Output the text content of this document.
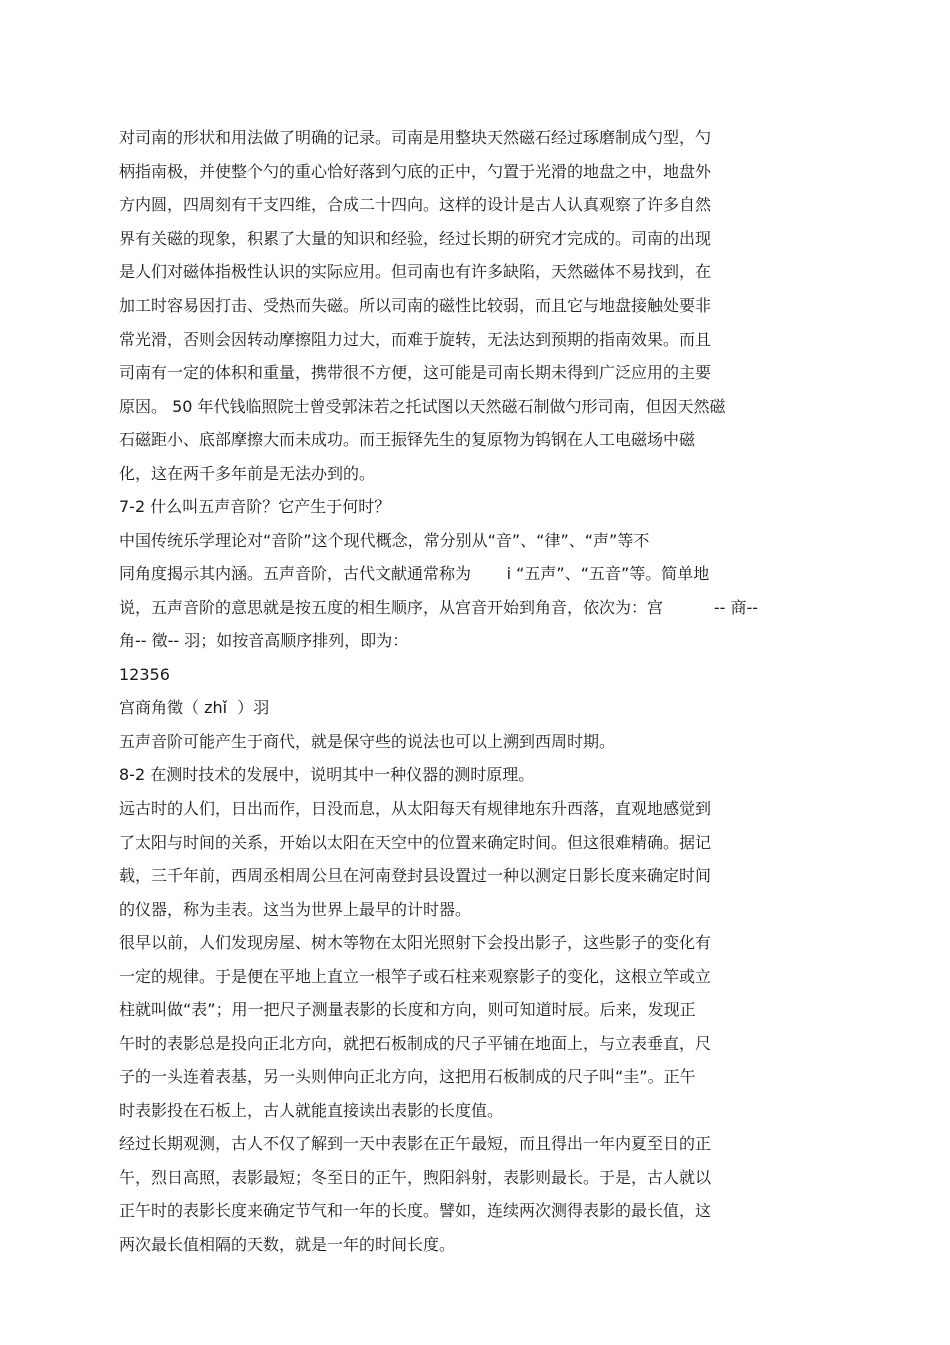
对司南的形状和用法做了明确的记录。司南是用整块天然磁石经过琢磨制成勺型，勺
柄指南极，并使整个勺的重心恰好落到勺底的正中，勺置于光滑的地盘之中，地盘外
方内圆，四周刻有干支四维，合成二十四向。这样的设计是古人认真观察了许多自然
界有关磁的现象，积累了大量的知识和经验，经过长期的研究才完成的。司南的出现
是人们对磁体指极性认识的实际应用。但司南也有许多缺陷，天然磁体不易找到，在
加工时容易因打击、受热而失磁。所以司南的磁性比较弱，而且它与地盘接触处要非
常光滑，否则会因转动摩擦阻力过大，而难于旋转，无法达到预期的指南效果。而且
司南有一定的体积和重量，携带很不方便，这可能是司南长期未得到广泛应用的主要
原因。 50 年代钱临照院士曾受郭沫若之托试图以天然磁石制做勺形司南，但因天然磁
石磁距小、底部摩擦大而未成功。而王振铎先生的复原物为钨钢在人工电磁场中磁
化，这在两千多年前是无法办到的。
7-2 什么叫五声音阶？它产生于何时？
中国传统乐学理论对“音阶”这个现代概念，常分别从“音”、“律”、“声”等不
同角度揭示其内涵。五声音阶，古代文献通常称为       i “五声”、“五音”等。简单地
说，五声音阶的意思就是按五度的相生顺序，从宫音开始到角音，依次为：宫          -- 商--
角-- 徵-- 羽；如按音高顺序排列，即为：
12356
宫商角徵（ zhǐ  ）羽
五声音阶可能产生于商代，就是保守些的说法也可以上溯到西周时期。
8-2 在测时技术的发展中，说明其中一种仪器的测时原理。
远古时的人们，日出而作，日没而息，从太阳每天有规律地东升西落，直观地感觉到
了太阳与时间的关系，开始以太阳在天空中的位置来确定时间。但这很难精确。据记
载，三千年前，西周丞相周公旦在河南登封县设置过一种以测定日影长度来确定时间
的仪器，称为圭表。这当为世界上最早的计时器。
很早以前，人们发现房屋、树木等物在太阳光照射下会投出影子，这些影子的变化有
一定的规律。于是便在平地上直立一根竿子或石柱来观察影子的变化，这根立竿或立
柱就叫做“表”；用一把尺子测量表影的长度和方向，则可知道时辰。后来，发现正
午时的表影总是投向正北方向，就把石板制成的尺子平铺在地面上，与立表垂直，尺
子的一头连着表基，另一头则伸向正北方向，这把用石板制成的尺子叫“圭”。正午
时表影投在石板上，古人就能直接读出表影的长度值。
经过长期观测，古人不仅了解到一天中表影在正午最短，而且得出一年内夏至日的正
午，烈日高照，表影最短；冬至日的正午，煦阳斜射，表影则最长。于是，古人就以
正午时的表影长度来确定节气和一年的长度。譬如，连续两次测得表影的最长值，这
两次最长值相隔的天数，就是一年的时间长度。
